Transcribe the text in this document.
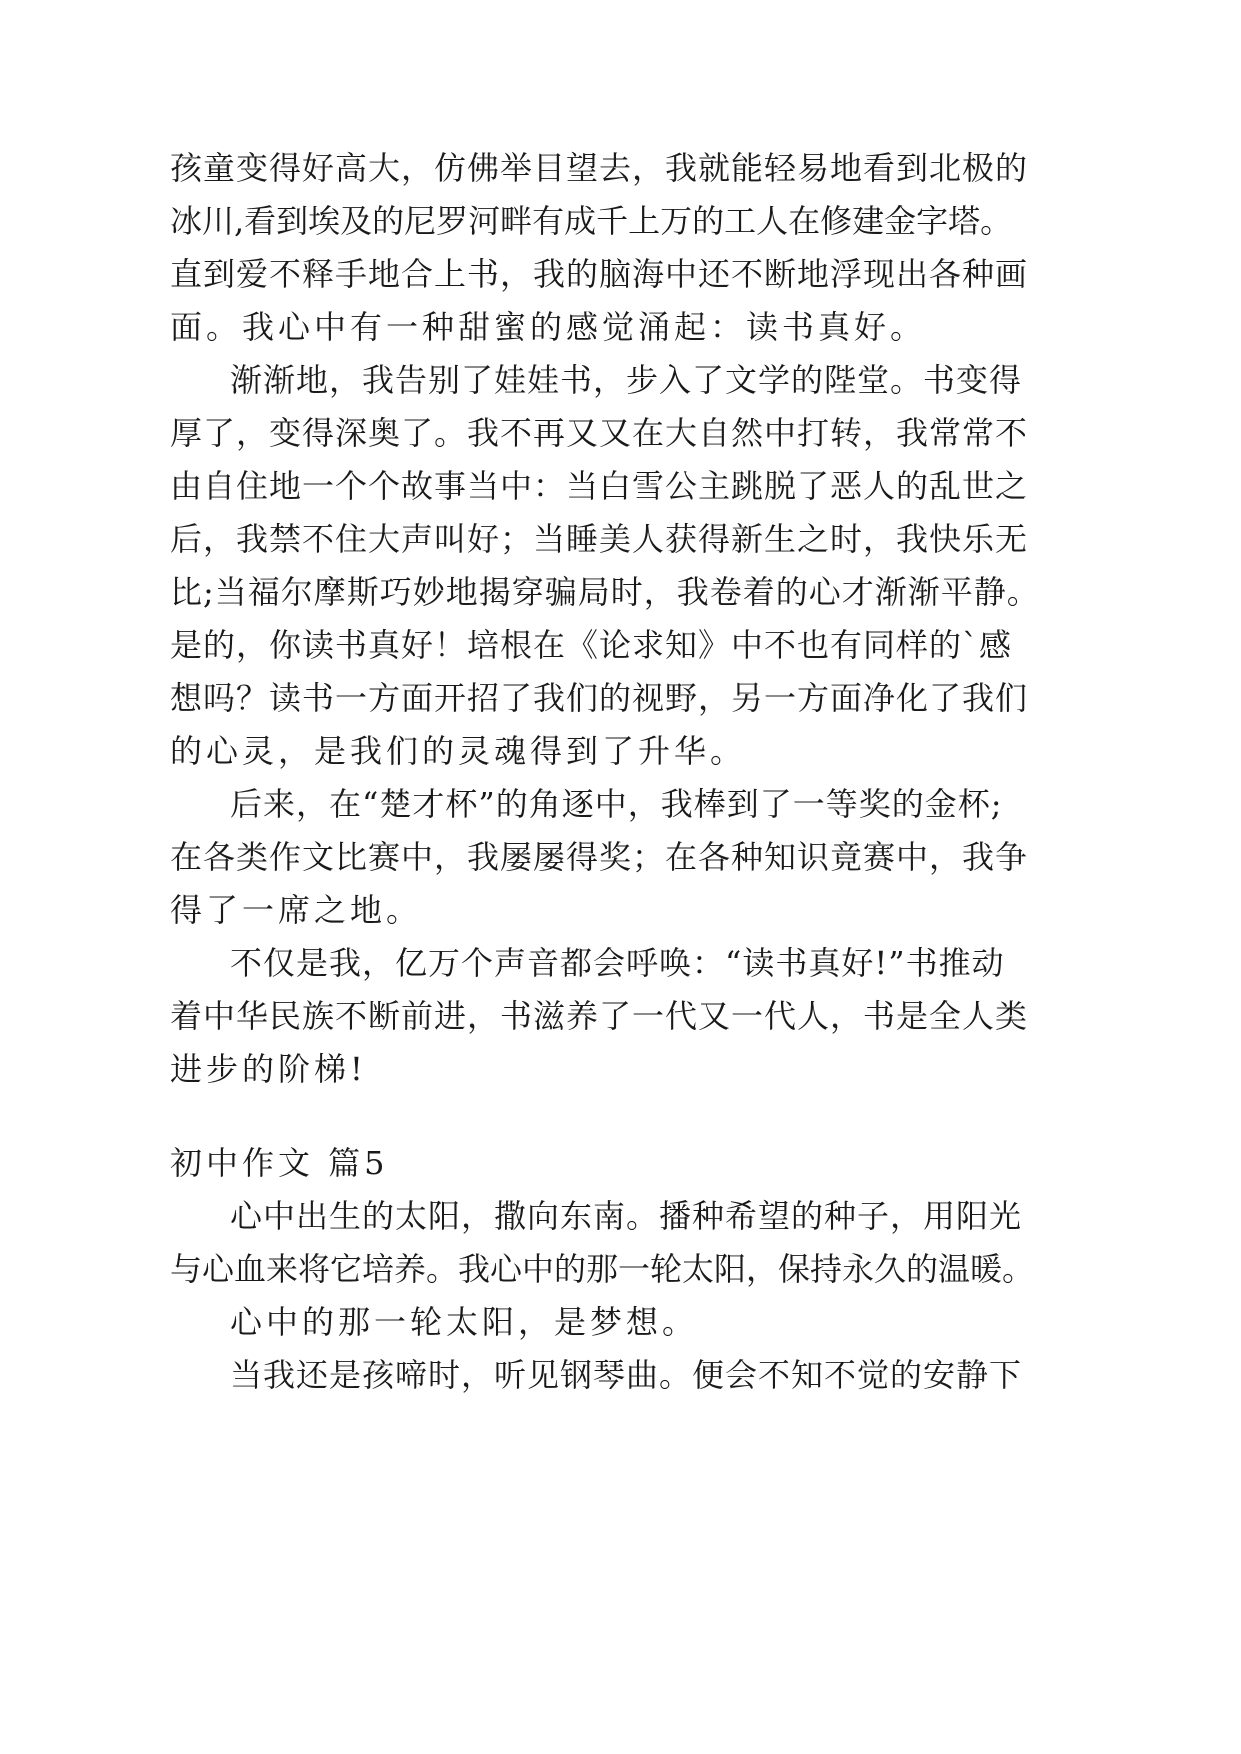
孩童变得好高大，仿佛举目望去，我就能轻易地看到北极的

冰川,看到埃及的尼罗河畔有成千上万的工人在修建金字塔。

直到爱不释手地合上书，我的脑海中还不断地浮现出各种画

面。我心中有一种甜蜜的感觉涌起：读书真好。

渐渐地，我告别了娃娃书，步入了文学的陛堂。书变得

厚了，变得深奥了。我不再又又在大自然中打转，我常常不

由自住地一个个故事当中：当白雪公主跳脱了恶人的乱世之

后，我禁不住大声叫好；当睡美人获得新生之时，我快乐无

比;当福尔摩斯巧妙地揭穿骗局时，我卷着的心才渐渐平静。

是的，你读书真好！培根在《论求知》中不也有同样的`感

想吗？读书一方面开招了我们的视野，另一方面净化了我们

的心灵，是我们的灵魂得到了升华。

后来，在“楚才杯”的角逐中，我棒到了一等奖的金杯;

在各类作文比赛中，我屡屡得奖；在各种知识竟赛中，我争

得了一席之地。

不仅是我，亿万个声音都会呼唤：“读书真好!”书推动

着中华民族不断前进，书滋养了一代又一代人，书是全人类

进步的阶梯!

初中作文 篇5

心中出生的太阳，撒向东南。播种希望的种子，用阳光

与心血来将它培养。我心中的那一轮太阳，保持永久的温暖。

心中的那一轮太阳，是梦想。

当我还是孩啼时，听见钢琴曲。便会不知不觉的安静下
